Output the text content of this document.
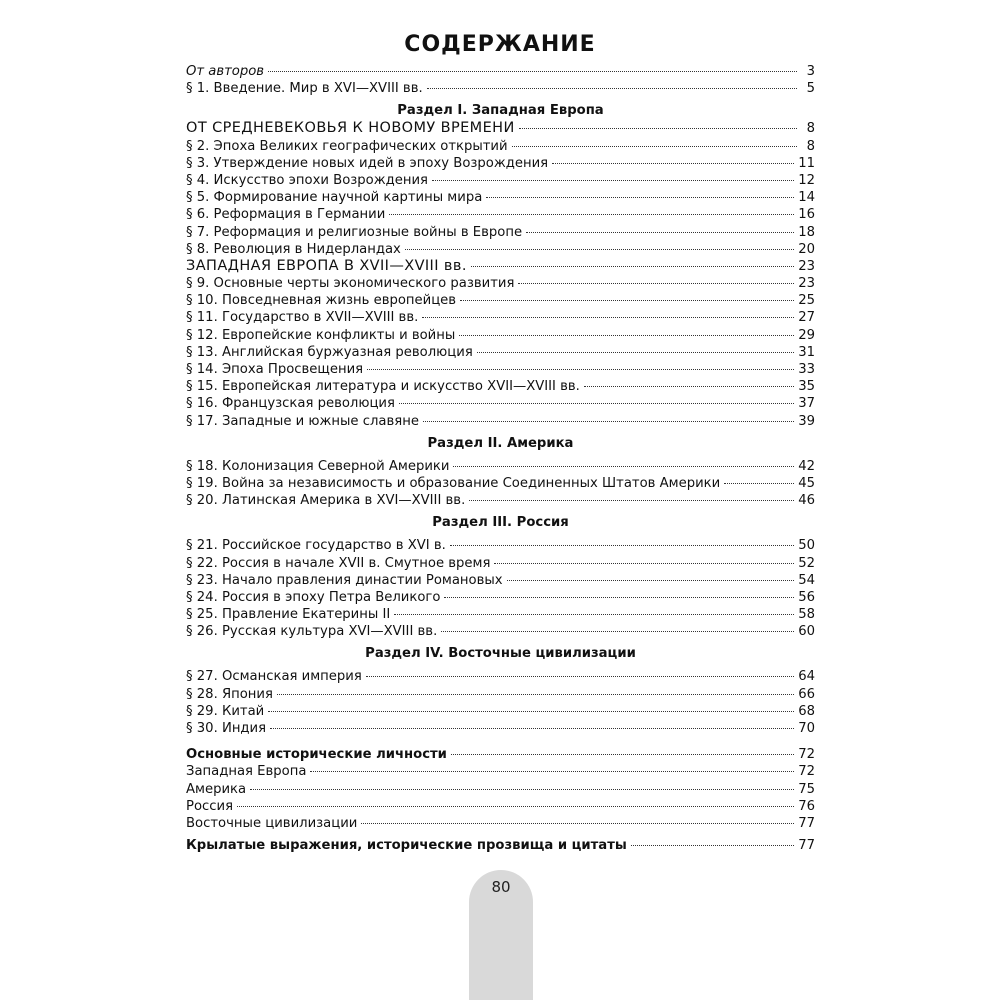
СОДЕРЖАНИЕ
От авторов	3
§ 1. Введение. Мир в XVI—XVIII вв.	5
Раздел I. Западная Европа
ОТ СРЕДНЕВЕКОВЬЯ К НОВОМУ ВРЕМЕНИ	8
§ 2. Эпоха Великих географических открытий	8
§ 3. Утверждение новых идей в эпоху Возрождения	11
§ 4. Искусство эпохи Возрождения	12
§ 5. Формирование научной картины мира	14
§ 6. Реформация в Германии	16
§ 7. Реформация и религиозные войны в Европе	18
§ 8. Революция в Нидерландах	20
ЗАПАДНАЯ ЕВРОПА В XVII—XVIII вв.	23
§ 9. Основные черты экономического развития	23
§ 10. Повседневная жизнь европейцев	25
§ 11. Государство в XVII—XVIII вв.	27
§ 12. Европейские конфликты и войны	29
§ 13. Английская буржуазная революция	31
§ 14. Эпоха Просвещения	33
§ 15. Европейская литература и искусство XVII—XVIII вв.	35
§ 16. Французская революция	37
§ 17. Западные и южные славяне	39
Раздел II. Америка
§ 18. Колонизация Северной Америки	42
§ 19. Война за независимость и образование Соединенных Штатов Америки	45
§ 20. Латинская Америка в XVI—XVIII вв.	46
Раздел III. Россия
§ 21. Российское государство в XVI в.	50
§ 22. Россия в начале XVII в. Смутное время	52
§ 23. Начало правления династии Романовых	54
§ 24. Россия в эпоху Петра Великого	56
§ 25. Правление Екатерины II	58
§ 26. Русская культура XVI—XVIII вв.	60
Раздел IV. Восточные цивилизации
§ 27. Османская империя	64
§ 28. Япония	66
§ 29. Китай	68
§ 30. Индия	70
Основные исторические личности	72
Западная Европа	72
Америка	75
Россия	76
Восточные цивилизации	77
Крылатые выражения, исторические прозвища и цитаты	77
80
